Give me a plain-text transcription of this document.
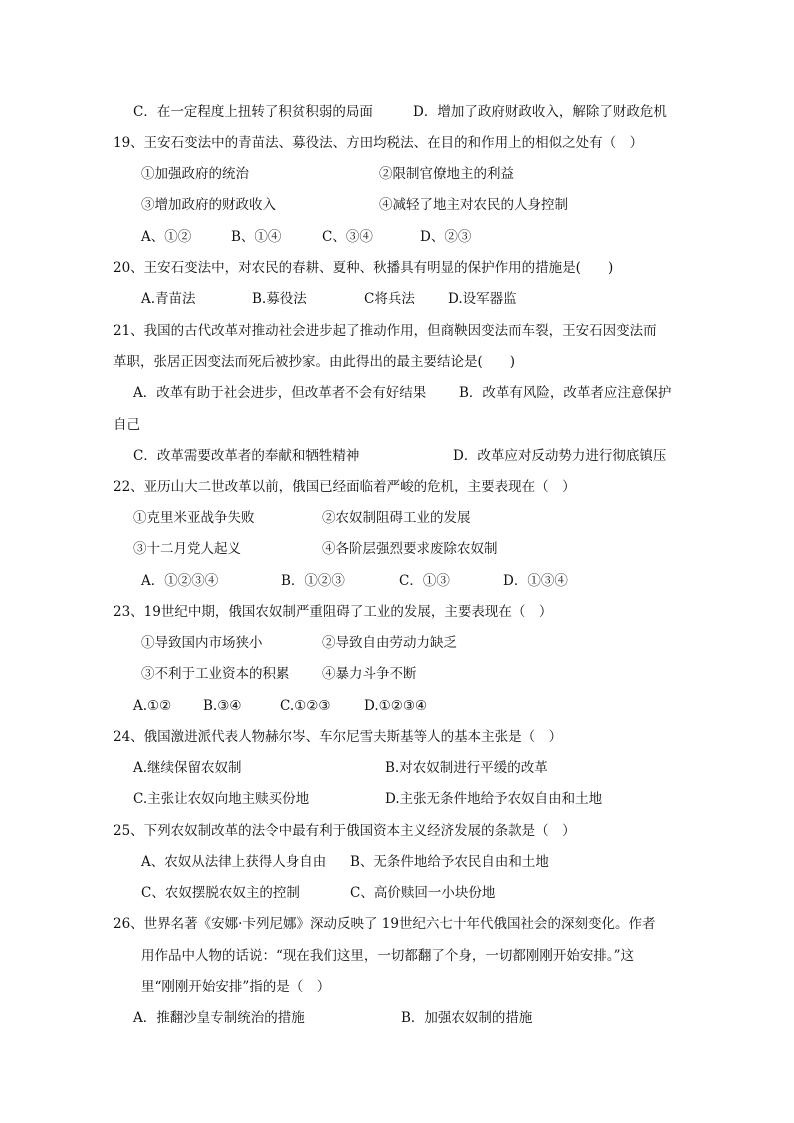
C．在一定程度上扭转了积贫积弱的局面	D．增加了政府财政收入，解除了财政危机
19、王安石变法中的青苗法、募役法、方田均税法、在目的和作用上的相似之处有（　）
①加强政府的统治	②限制官僚地主的利益
③增加政府的财政收入	④减轻了地主对农民的人身控制
A、①②	B、①④	C、③④	D、②③
20、王安石变法中，对农民的春耕、夏种、秋播具有明显的保护作用的措施是(　　)
A.青苗法	B.募役法	C将兵法 D.设军器监
21、我国的古代改革对推动社会进步起了推动作用，但商鞅因变法而车裂，王安石因变法而
革职，张居正因变法而死后被抄家。由此得出的最主要结论是(　　)
A．改革有助于社会进步，但改革者不会有好结果 B．改革有风险，改革者应注意保护
自己
C．改革需要改革者的奉献和牺牲精神	D．改革应对反动势力进行彻底镇压
22、亚历山大二世改革以前，俄国已经面临着严峻的危机，主要表现在（　）
①克里米亚战争失败	②农奴制阻碍工业的发展
③十二月党人起义	④各阶层强烈要求废除农奴制
A．①②③④	B．①②③	C．①③	D．①③④
23、19世纪中期，俄国农奴制严重阻碍了工业的发展，主要表现在（　）
①导致国内市场狭小	②导致自由劳动力缺乏
③不利于工业资本的积累 ④暴力斗争不断
A.①② B.③④	C.①②③ D.①②③④
24、俄国激进派代表人物赫尔岑、车尔尼雪夫斯基等人的基本主张是（　）
A.继续保留农奴制	B.对农奴制进行平缓的改革
C.主张让农奴向地主赎买份地	D.主张无条件地给予农奴自由和土地
25、下列农奴制改革的法令中最有利于俄国资本主义经济发展的条款是（　）
A、农奴从法律上获得人身自由 B、无条件地给予农民自由和土地
C、农奴摆脱农奴主的控制	C、高价赎回一小块份地
26、世界名著《安娜·卡列尼娜》深动反映了 19世纪六七十年代俄国社会的深刻变化。作者
用作品中人物的话说：“现在我们这里，一切都翻了个身，一切都刚刚开始安排。”这
里“刚刚开始安排”指的是（　）
A．推翻沙皇专制统治的措施	B．加强农奴制的措施
